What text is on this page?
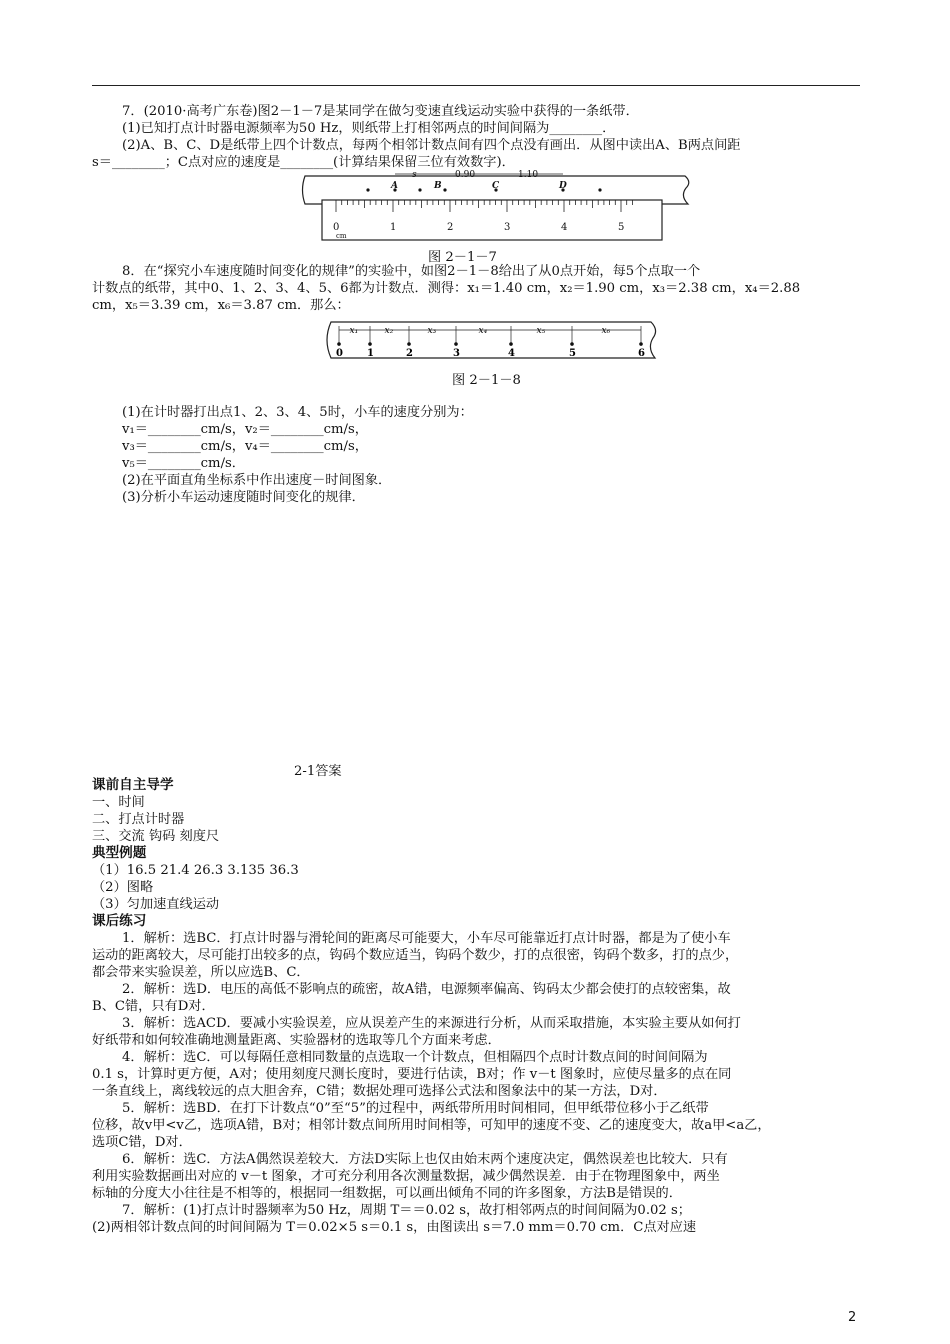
7．(2010·高考广东卷)图2－1－7是某同学在做匀变速直线运动实验中获得的一条纸带．
(1)已知打点计时器电源频率为50 Hz，则纸带上打相邻两点的时间间隔为________．
(2)A、B、C、D是纸带上四个计数点，每两个相邻计数点间有四个点没有画出．从图中读出A、B两点间距
s＝________；C点对应的速度是________(计算结果保留三位有效数字)．
s	0.90	1.10
A	B	C	D
0	1	2	3	4	5
cm
图 2－1－7
8．在“探究小车速度随时间变化的规律”的实验中，如图2－1－8给出了从0点开始，每5个点取一个
计数点的纸带，其中0、1、2、3、4、5、6都为计数点．测得：x₁＝1.40 cm，x₂＝1.90 cm，x₃＝2.38 cm，x₄＝2.88
cm，x₅＝3.39 cm，x₆＝3.87 cm．那么：
x₁	x₂	x₃	x₄	x₅	x₆
0 1	2	3	4	5	6
图 2－1－8
(1)在计时器打出点1、2、3、4、5时，小车的速度分别为：
v₁＝________cm/s，v₂＝________cm/s，
v₃＝________cm/s，v₄＝________cm/s，
v₅＝________cm/s．
(2)在平面直角坐标系中作出速度－时间图象．
(3)分析小车运动速度随时间变化的规律．
2-1答案
课前自主导学
一、时间
二、打点计时器
三、交流 钩码 刻度尺
典型例题
（1）16.5 21.4 26.3 3.135 36.3
（2）图略
（3）匀加速直线运动
课后练习
1．解析：选BC．打点计时器与滑轮间的距离尽可能要大，小车尽可能靠近打点计时器，都是为了使小车
运动的距离较大，尽可能打出较多的点，钩码个数应适当，钩码个数少，打的点很密，钩码个数多，打的点少，
都会带来实验误差，所以应选B、C．
2．解析：选D．电压的高低不影响点的疏密，故A错，电源频率偏高、钩码太少都会使打的点较密集，故
B、C错，只有D对．
3．解析：选ACD．要减小实验误差，应从误差产生的来源进行分析，从而采取措施，本实验主要从如何打
好纸带和如何较准确地测量距离、实验器材的选取等几个方面来考虑．
4．解析：选C．可以每隔任意相同数量的点选取一个计数点，但相隔四个点时计数点间的时间间隔为
0.1 s，计算时更方便，A对；使用刻度尺测长度时，要进行估读，B对；作 v－t 图象时，应使尽量多的点在同
一条直线上，离线较远的点大胆舍弃，C错；数据处理可选择公式法和图象法中的某一方法，D对．
5．解析：选BD．在打下计数点“0”至“5”的过程中，两纸带所用时间相同，但甲纸带位移小于乙纸带
位移，故v甲<v乙，选项A错，B对；相邻计数点间所用时间相等，可知甲的速度不变、乙的速度变大，故a甲<a乙，
选项C错，D对．
6．解析：选C．方法A偶然误差较大．方法D实际上也仅由始末两个速度决定，偶然误差也比较大．只有
利用实验数据画出对应的 v－t 图象，才可充分利用各次测量数据，减少偶然误差．由于在物理图象中，两坐
标轴的分度大小往往是不相等的，根据同一组数据，可以画出倾角不同的许多图象，方法B是错误的．
7．解析：(1)打点计时器频率为50 Hz，周期 T＝＝0.02 s，故打相邻两点的时间间隔为0.02 s；
(2)两相邻计数点间的时间间隔为 T＝0.02×5 s＝0.1 s，由图读出 s＝7.0 mm＝0.70 cm．C点对应速
2
